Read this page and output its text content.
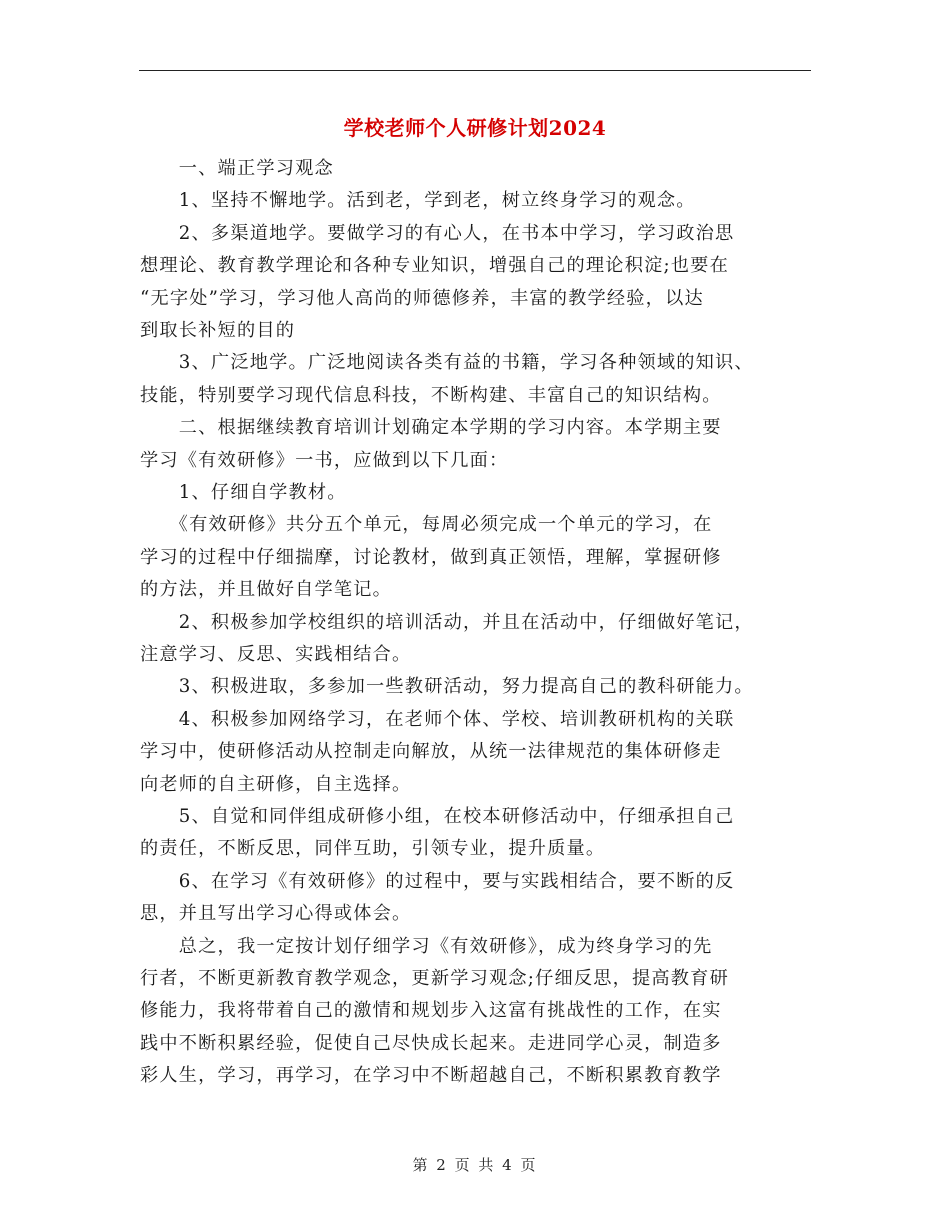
学校老师个人研修计划2024
　　一、端正学习观念
　　1、坚持不懈地学。活到老，学到老，树立终身学习的观念。
　　2、多渠道地学。要做学习的有心人，在书本中学习，学习政治思
想理论、教育教学理论和各种专业知识，增强自己的理论积淀;也要在
“无字处”学习，学习他人高尚的师德修养，丰富的教学经验，以达
到取长补短的目的
　　3、广泛地学。广泛地阅读各类有益的书籍，学习各种领域的知识、
技能，特别要学习现代信息科技，不断构建、丰富自己的知识结构。
　　二、根据继续教育培训计划确定本学期的学习内容。本学期主要
学习《有效研修》一书，应做到以下几面：
　　1、仔细自学教材。
　　《有效研修》共分五个单元，每周必须完成一个单元的学习，在
学习的过程中仔细揣摩，讨论教材，做到真正领悟，理解，掌握研修
的方法，并且做好自学笔记。
　　2、积极参加学校组织的培训活动，并且在活动中，仔细做好笔记，
注意学习、反思、实践相结合。
　　3、积极进取，多参加一些教研活动，努力提高自己的教科研能力。
　　4、积极参加网络学习，在老师个体、学校、培训教研机构的关联
学习中，使研修活动从控制走向解放，从统一法律规范的集体研修走
向老师的自主研修，自主选择。
　　5、自觉和同伴组成研修小组，在校本研修活动中，仔细承担自己
的责任，不断反思，同伴互助，引领专业，提升质量。
　　6、在学习《有效研修》的过程中，要与实践相结合，要不断的反
思，并且写出学习心得或体会。
　　总之，我一定按计划仔细学习《有效研修》，成为终身学习的先
行者，不断更新教育教学观念，更新学习观念;仔细反思，提高教育研
修能力，我将带着自己的激情和规划步入这富有挑战性的工作，在实
践中不断积累经验，促使自己尽快成长起来。走进同学心灵，制造多
彩人生，学习，再学习，在学习中不断超越自己，不断积累教育教学
第 2 页 共 4 页
